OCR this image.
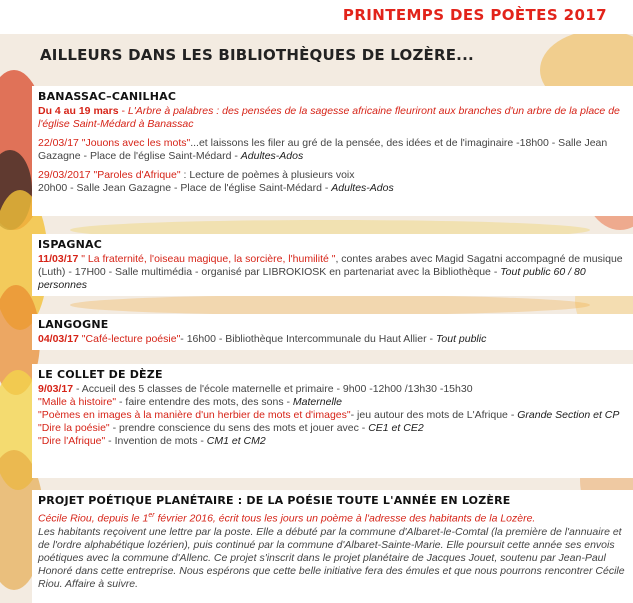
PRINTEMPS DES POÈTES 2017
AILLEURS DANS LES BIBLIOTHÈQUES DE LOZÈRE...
BANASSAC–CANILHAC
Du 4 au 19 mars - L'Arbre à palabres : des pensées de la sagesse africaine fleuriront aux branches d'un arbre de la place de l'église Saint-Médard à Banassac
22/03/17 "Jouons avec les mots"...et laissons les filer au gré de la pensée, des idées et de l'imaginaire -18h00 - Salle Jean Gazagne - Place de l'église Saint-Médard - Adultes-Ados
29/03/2017 "Paroles d'Afrique" : Lecture de poèmes à plusieurs voix
20h00 - Salle Jean Gazagne - Place de l'église Saint-Médard - Adultes-Ados
ISPAGNAC
11/03/17 " La fraternité, l'oiseau magique, la sorcière, l'humilité ", contes arabes avec Magid Sagatni accompagné de musique (Luth) - 17H00 - Salle multimédia - organisé par LIBROKIOSK en partenariat avec la Bibliothèque - Tout public 60 / 80 personnes
LANGOGNE
04/03/17 "Café-lecture poésie"- 16h00 - Bibliothèque Intercommunale du Haut Allier - Tout public
LE COLLET DE DÈZE
9/03/17 - Accueil des 5 classes de l'école maternelle et primaire - 9h00 -12h00 /13h30 -15h30
"Malle à histoire" - faire entendre des mots, des sons - Maternelle
"Poèmes en images à la manière d'un herbier de mots et d'images"- jeu autour des mots de L'Afrique - Grande Section et CP
"Dire la poésie" - prendre conscience du sens des mots et jouer avec - CE1 et CE2
"Dire l'Afrique" - Invention de mots - CM1 et CM2
PROJET POÉTIQUE PLANÉTAIRE : DE LA POÉSIE TOUTE L'ANNÉE EN LOZÈRE
Cécile Riou, depuis le 1er février 2016, écrit tous les jours un poème à l'adresse des habitants de la Lozère.
Les habitants reçoivent une lettre par la poste. Elle a débuté par la commune d'Albaret-le-Comtal (la première de l'annuaire et de l'ordre alphabétique lozérien), puis continué par la commune d'Albaret-Sainte-Marie. Elle poursuit cette année ses envois poétiques avec la commune d'Allenc. Ce projet s'inscrit dans le projet planétaire de Jacques Jouet, soutenu par Jean-Paul Honoré dans cette entreprise. Nous espérons que cette belle initiative fera des émules et que nous pourrons rencontrer Cécile Riou. Affaire à suivre.
